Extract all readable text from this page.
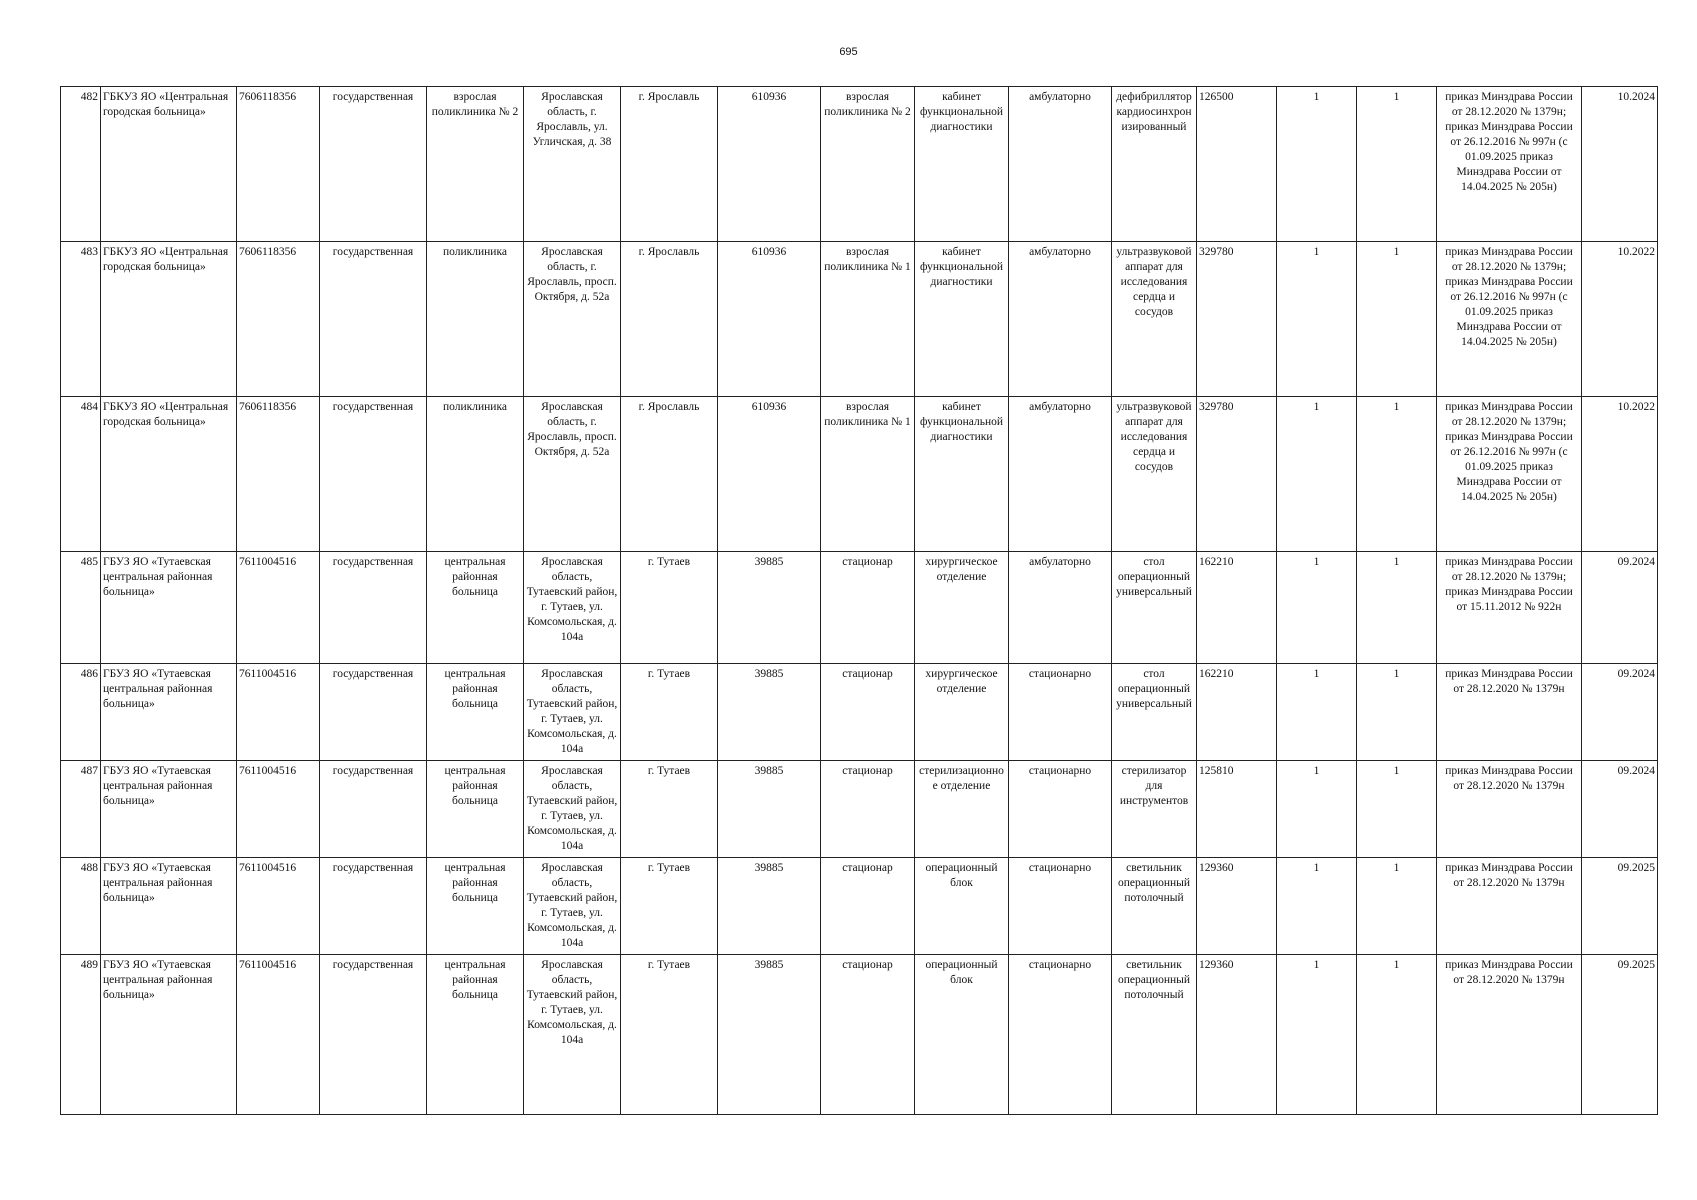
695
482	ГБКУЗ ЯО «Центральная городская больница»	7606118356	государственная	взрослая поликлиника № 2	Ярославская область, г. Ярославль, ул. Угличская, д. 38	г. Ярославль	610936	взрослая поликлиника № 2	кабинет функциональной диагностики	амбулаторно	дефибриллятор кардиосинхронизированный	126500	1	1	приказ Минздрава России от 28.12.2020 № 1379н; приказ Минздрава России от 26.12.2016 № 997н (с 01.09.2025 приказ Минздрава России от 14.04.2025 № 205н)	10.2024
483	ГБКУЗ ЯО «Центральная городская больница»	7606118356	государственная	поликлиника	Ярославская область, г. Ярославль, просп. Октября, д. 52а	г. Ярославль	610936	взрослая поликлиника № 1	кабинет функциональной диагностики	амбулаторно	ультразвуковой аппарат для исследования сердца и сосудов	329780	1	1	приказ Минздрава России от 28.12.2020 № 1379н; приказ Минздрава России от 26.12.2016 № 997н (с 01.09.2025 приказ Минздрава России от 14.04.2025 № 205н)	10.2022
484	ГБКУЗ ЯО «Центральная городская больница»	7606118356	государственная	поликлиника	Ярославская область, г. Ярославль, просп. Октября, д. 52а	г. Ярославль	610936	взрослая поликлиника № 1	кабинет функциональной диагностики	амбулаторно	ультразвуковой аппарат для исследования сердца и сосудов	329780	1	1	приказ Минздрава России от 28.12.2020 № 1379н; приказ Минздрава России от 26.12.2016 № 997н (с 01.09.2025 приказ Минздрава России от 14.04.2025 № 205н)	10.2022
485	ГБУЗ ЯО «Тутаевская центральная районная больница»	7611004516	государственная	центральная районная больница	Ярославская область, Тутаевский район, г. Тутаев, ул. Комсомольская, д. 104а	г. Тутаев	39885	стационар	хирургическое отделение	амбулаторно	стол операционный универсальный	162210	1	1	приказ Минздрава России от 28.12.2020 № 1379н; приказ Минздрава России от 15.11.2012 № 922н	09.2024
486	ГБУЗ ЯО «Тутаевская центральная районная больница»	7611004516	государственная	центральная районная больница	Ярославская область, Тутаевский район, г. Тутаев, ул. Комсомольская, д. 104а	г. Тутаев	39885	стационар	хирургическое отделение	стационарно	стол операционный универсальный	162210	1	1	приказ Минздрава России от 28.12.2020 № 1379н	09.2024
487	ГБУЗ ЯО «Тутаевская центральная районная больница»	7611004516	государственная	центральная районная больница	Ярославская область, Тутаевский район, г. Тутаев, ул. Комсомольская, д. 104а	г. Тутаев	39885	стационар	стерилизационное отделение	стационарно	стерилизатор для инструментов	125810	1	1	приказ Минздрава России от 28.12.2020 № 1379н	09.2024
488	ГБУЗ ЯО «Тутаевская центральная районная больница»	7611004516	государственная	центральная районная больница	Ярославская область, Тутаевский район, г. Тутаев, ул. Комсомольская, д. 104а	г. Тутаев	39885	стационар	операционный блок	стационарно	светильник операционный потолочный	129360	1	1	приказ Минздрава России от 28.12.2020 № 1379н	09.2025
489	ГБУЗ ЯО «Тутаевская центральная районная больница»	7611004516	государственная	центральная районная больница	Ярославская область, Тутаевский район, г. Тутаев, ул. Комсомольская, д. 104а	г. Тутаев	39885	стационар	операционный блок	стационарно	светильник операционный потолочный	129360	1	1	приказ Минздрава России от 28.12.2020 № 1379н	09.2025
